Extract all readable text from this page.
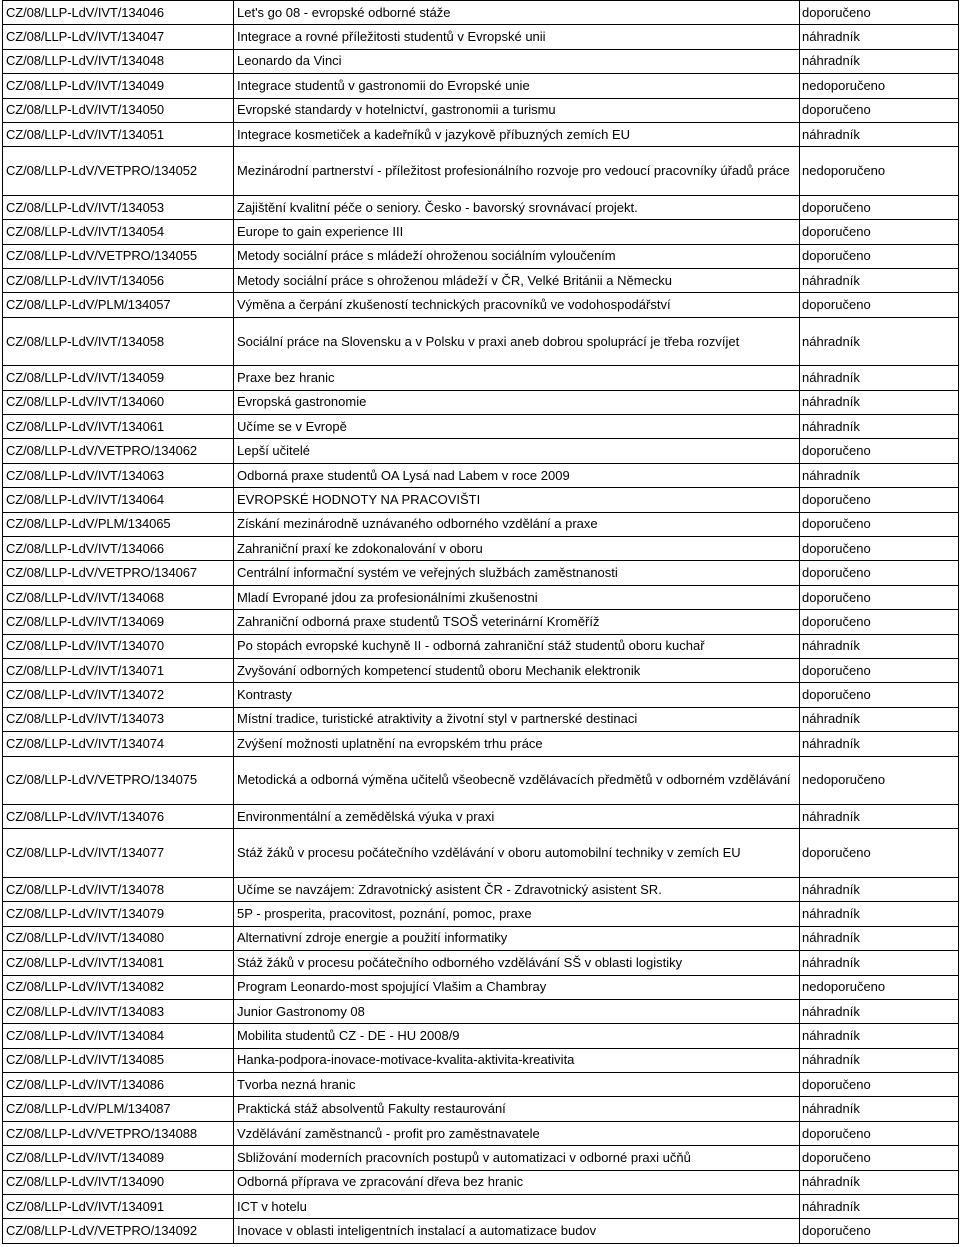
CZ/08/LLP-LdV/IVT/134046	Let's go 08 - evropské odborné stáže	doporučeno
CZ/08/LLP-LdV/IVT/134047	Integrace a rovné příležitosti studentů v Evropské unii	náhradník
CZ/08/LLP-LdV/IVT/134048	Leonardo da Vinci	náhradník
CZ/08/LLP-LdV/IVT/134049	Integrace studentů v gastronomii do Evropské unie	nedoporučeno
CZ/08/LLP-LdV/IVT/134050	Evropské standardy v hotelnictví, gastronomii a turismu	doporučeno
CZ/08/LLP-LdV/IVT/134051	Integrace kosmetiček a kadeřníků v jazykově příbuzných zemích EU	náhradník
CZ/08/LLP-LdV/VETPRO/134052	Mezinárodní partnerství - příležitost profesionálního rozvoje pro vedoucí pracovníky úřadů práce	nedoporučeno
CZ/08/LLP-LdV/IVT/134053	Zajištění kvalitní péče o seniory. Česko - bavorský srovnávací projekt.	doporučeno
CZ/08/LLP-LdV/IVT/134054	Europe to gain experience III	doporučeno
CZ/08/LLP-LdV/VETPRO/134055	Metody sociální práce s mládeží ohroženou sociálním vyloučením	doporučeno
CZ/08/LLP-LdV/IVT/134056	Metody sociální práce s ohroženou mládeží v ČR, Velké Británii a Německu	náhradník
CZ/08/LLP-LdV/PLM/134057	Výměna a čerpání zkušeností technických pracovníků ve vodohospodářství	doporučeno
CZ/08/LLP-LdV/IVT/134058	Sociální práce na Slovensku a v Polsku v praxi aneb dobrou spoluprácí je třeba rozvíjet	náhradník
CZ/08/LLP-LdV/IVT/134059	Praxe bez hranic	náhradník
CZ/08/LLP-LdV/IVT/134060	Evropská gastronomie	náhradník
CZ/08/LLP-LdV/IVT/134061	Učíme se v Evropě	náhradník
CZ/08/LLP-LdV/VETPRO/134062	Lepší učitelé	doporučeno
CZ/08/LLP-LdV/IVT/134063	Odborná praxe studentů OA Lysá nad Labem v roce 2009	náhradník
CZ/08/LLP-LdV/IVT/134064	EVROPSKÉ HODNOTY NA PRACOVIŠTI	doporučeno
CZ/08/LLP-LdV/PLM/134065	Získání mezinárodně uznávaného odborného vzdělání a praxe	doporučeno
CZ/08/LLP-LdV/IVT/134066	Zahraniční praxí ke zdokonalování v oboru	doporučeno
CZ/08/LLP-LdV/VETPRO/134067	Centrální informační systém ve veřejných službách zaměstnanosti	doporučeno
CZ/08/LLP-LdV/IVT/134068	Mladí Evropané jdou za profesionálními zkušenostni	doporučeno
CZ/08/LLP-LdV/IVT/134069	Zahraniční odborná praxe studentů TSOŠ veterinární Kroměříž	doporučeno
CZ/08/LLP-LdV/IVT/134070	Po stopách evropské kuchyně II - odborná zahraniční stáž studentů oboru kuchař	náhradník
CZ/08/LLP-LdV/IVT/134071	Zvyšování odborných kompetencí studentů oboru Mechanik elektronik	doporučeno
CZ/08/LLP-LdV/IVT/134072	Kontrasty	doporučeno
CZ/08/LLP-LdV/IVT/134073	Místní tradice, turistické atraktivity a životní styl v partnerské destinaci	náhradník
CZ/08/LLP-LdV/IVT/134074	Zvýšení možnosti uplatnění na evropském trhu práce	náhradník
CZ/08/LLP-LdV/VETPRO/134075	Metodická a odborná výměna učitelů všeobecně vzdělávacích předmětů v odborném vzdělávání	nedoporučeno
CZ/08/LLP-LdV/IVT/134076	Environmentální a zemědělská výuka v praxi	náhradník
CZ/08/LLP-LdV/IVT/134077	Stáž žáků v procesu počátečního vzdělávání v oboru automobilní techniky v zemích EU	doporučeno
CZ/08/LLP-LdV/IVT/134078	Učíme se navzájem: Zdravotnický asistent ČR - Zdravotnický asistent SR.	náhradník
CZ/08/LLP-LdV/IVT/134079	5P - prosperita, pracovitost, poznání, pomoc, praxe	náhradník
CZ/08/LLP-LdV/IVT/134080	Alternativní zdroje energie a použití informatiky	náhradník
CZ/08/LLP-LdV/IVT/134081	Stáž žáků v procesu počátečního odborného vzdělávání SŠ v oblasti logistiky	náhradník
CZ/08/LLP-LdV/IVT/134082	Program Leonardo-most spojující Vlašim a Chambray	nedoporučeno
CZ/08/LLP-LdV/IVT/134083	Junior Gastronomy 08	náhradník
CZ/08/LLP-LdV/IVT/134084	Mobilita studentů CZ - DE - HU 2008/9	náhradník
CZ/08/LLP-LdV/IVT/134085	Hanka-podpora-inovace-motivace-kvalita-aktivita-kreativita	náhradník
CZ/08/LLP-LdV/IVT/134086	Tvorba nezná hranic	doporučeno
CZ/08/LLP-LdV/PLM/134087	Praktická stáž absolventů Fakulty restaurování	náhradník
CZ/08/LLP-LdV/VETPRO/134088	Vzdělávání zaměstnanců - profit pro zaměstnavatele	doporučeno
CZ/08/LLP-LdV/IVT/134089	Sbližování moderních pracovních postupů v automatizaci v odborné praxi učňů	doporučeno
CZ/08/LLP-LdV/IVT/134090	Odborná příprava ve zpracování dřeva bez hranic	náhradník
CZ/08/LLP-LdV/IVT/134091	ICT v hotelu	náhradník
CZ/08/LLP-LdV/VETPRO/134092	Inovace v oblasti inteligentních instalací a automatizace budov	doporučeno
